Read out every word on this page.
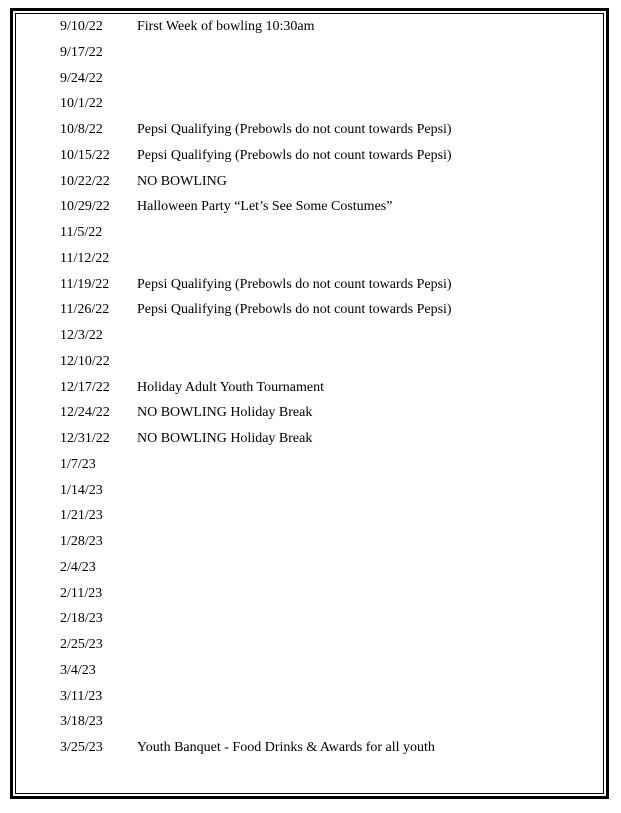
9/10/22 First Week of bowling 10:30am
9/17/22
9/24/22
10/1/22
10/8/22 Pepsi Qualifying (Prebowls do not count towards Pepsi)
10/15/22 Pepsi Qualifying (Prebowls do not count towards Pepsi)
10/22/22 NO BOWLING
10/29/22 Halloween Party “Let’s See Some Costumes”
11/5/22
11/12/22
11/19/22 Pepsi Qualifying (Prebowls do not count towards Pepsi)
11/26/22 Pepsi Qualifying (Prebowls do not count towards Pepsi)
12/3/22
12/10/22
12/17/22 Holiday Adult Youth Tournament
12/24/22 NO BOWLING Holiday Break
12/31/22 NO BOWLING Holiday Break
1/7/23
1/14/23
1/21/23
1/28/23
2/4/23
2/11/23
2/18/23
2/25/23
3/4/23
3/11/23
3/18/23
3/25/23 Youth Banquet - Food Drinks & Awards for all youth
